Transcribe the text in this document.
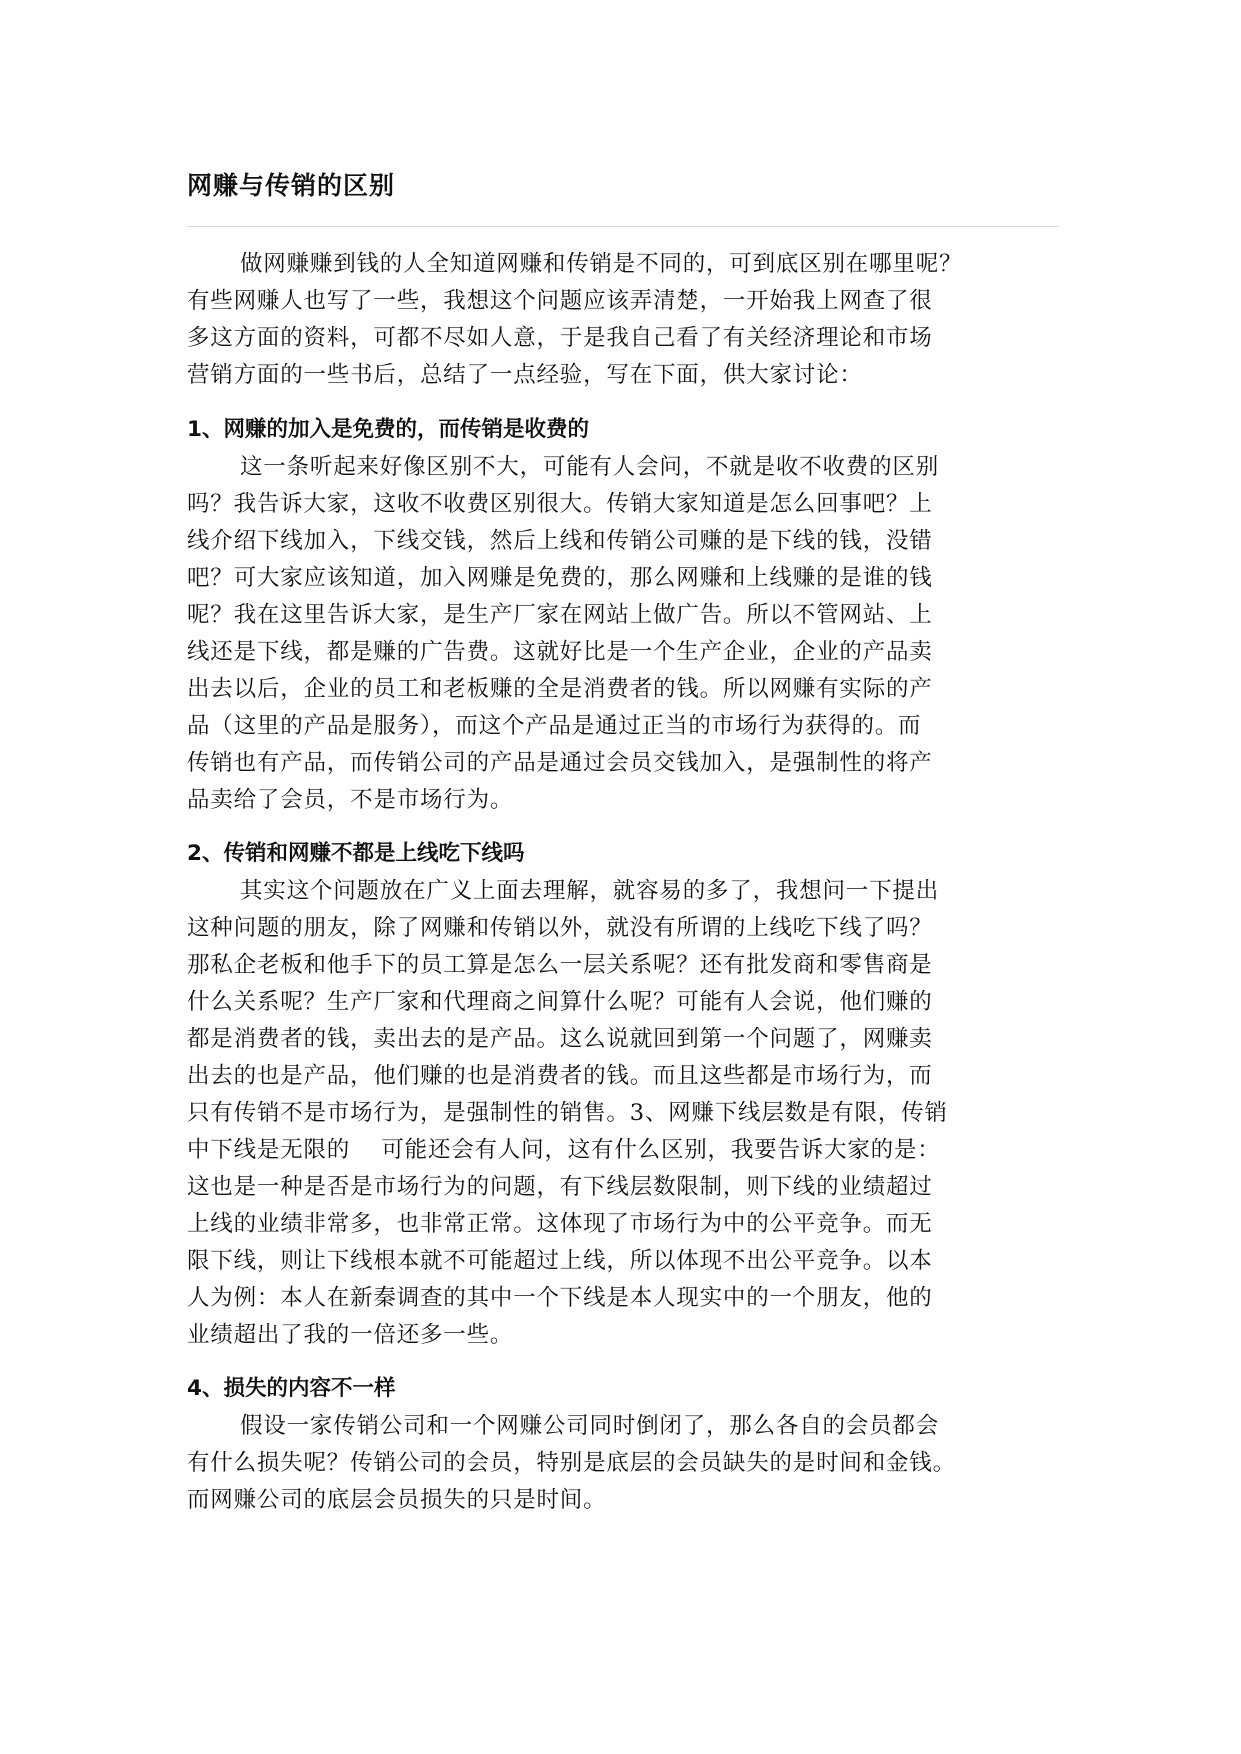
网赚与传销的区别

做网赚赚到钱的人全知道网赚和传销是不同的，可到底区别在哪里呢？
有些网赚人也写了一些，我想这个问题应该弄清楚，一开始我上网查了很
多这方面的资料，可都不尽如人意，于是我自己看了有关经济理论和市场
营销方面的一些书后，总结了一点经验，写在下面，供大家讨论：

1、网赚的加入是免费的，而传销是收费的

这一条听起来好像区别不大，可能有人会问，不就是收不收费的区别
吗？我告诉大家，这收不收费区别很大。传销大家知道是怎么回事吧？上
线介绍下线加入，下线交钱，然后上线和传销公司赚的是下线的钱，没错
吧？可大家应该知道，加入网赚是免费的，那么网赚和上线赚的是谁的钱
呢？我在这里告诉大家，是生产厂家在网站上做广告。所以不管网站、上
线还是下线，都是赚的广告费。这就好比是一个生产企业，企业的产品卖
出去以后，企业的员工和老板赚的全是消费者的钱。所以网赚有实际的产
品（这里的产品是服务），而这个产品是通过正当的市场行为获得的。而
传销也有产品，而传销公司的产品是通过会员交钱加入，是强制性的将产
品卖给了会员，不是市场行为。

2、传销和网赚不都是上线吃下线吗

其实这个问题放在广义上面去理解，就容易的多了，我想问一下提出
这种问题的朋友，除了网赚和传销以外，就没有所谓的上线吃下线了吗？
那私企老板和他手下的员工算是怎么一层关系呢？还有批发商和零售商是
什么关系呢？生产厂家和代理商之间算什么呢？可能有人会说，他们赚的
都是消费者的钱，卖出去的是产品。这么说就回到第一个问题了，网赚卖
出去的也是产品，他们赚的也是消费者的钱。而且这些都是市场行为，而
只有传销不是市场行为，是强制性的销售。3、网赚下线层数是有限，传销
中下线是无限的　 可能还会有人问，这有什么区别，我要告诉大家的是：
这也是一种是否是市场行为的问题，有下线层数限制，则下线的业绩超过
上线的业绩非常多，也非常正常。这体现了市场行为中的公平竞争。而无
限下线，则让下线根本就不可能超过上线，所以体现不出公平竞争。以本
人为例：本人在新秦调查的其中一个下线是本人现实中的一个朋友，他的
业绩超出了我的一倍还多一些。

4、损失的内容不一样

假设一家传销公司和一个网赚公司同时倒闭了，那么各自的会员都会
有什么损失呢？传销公司的会员，特别是底层的会员缺失的是时间和金钱。
而网赚公司的底层会员损失的只是时间。
